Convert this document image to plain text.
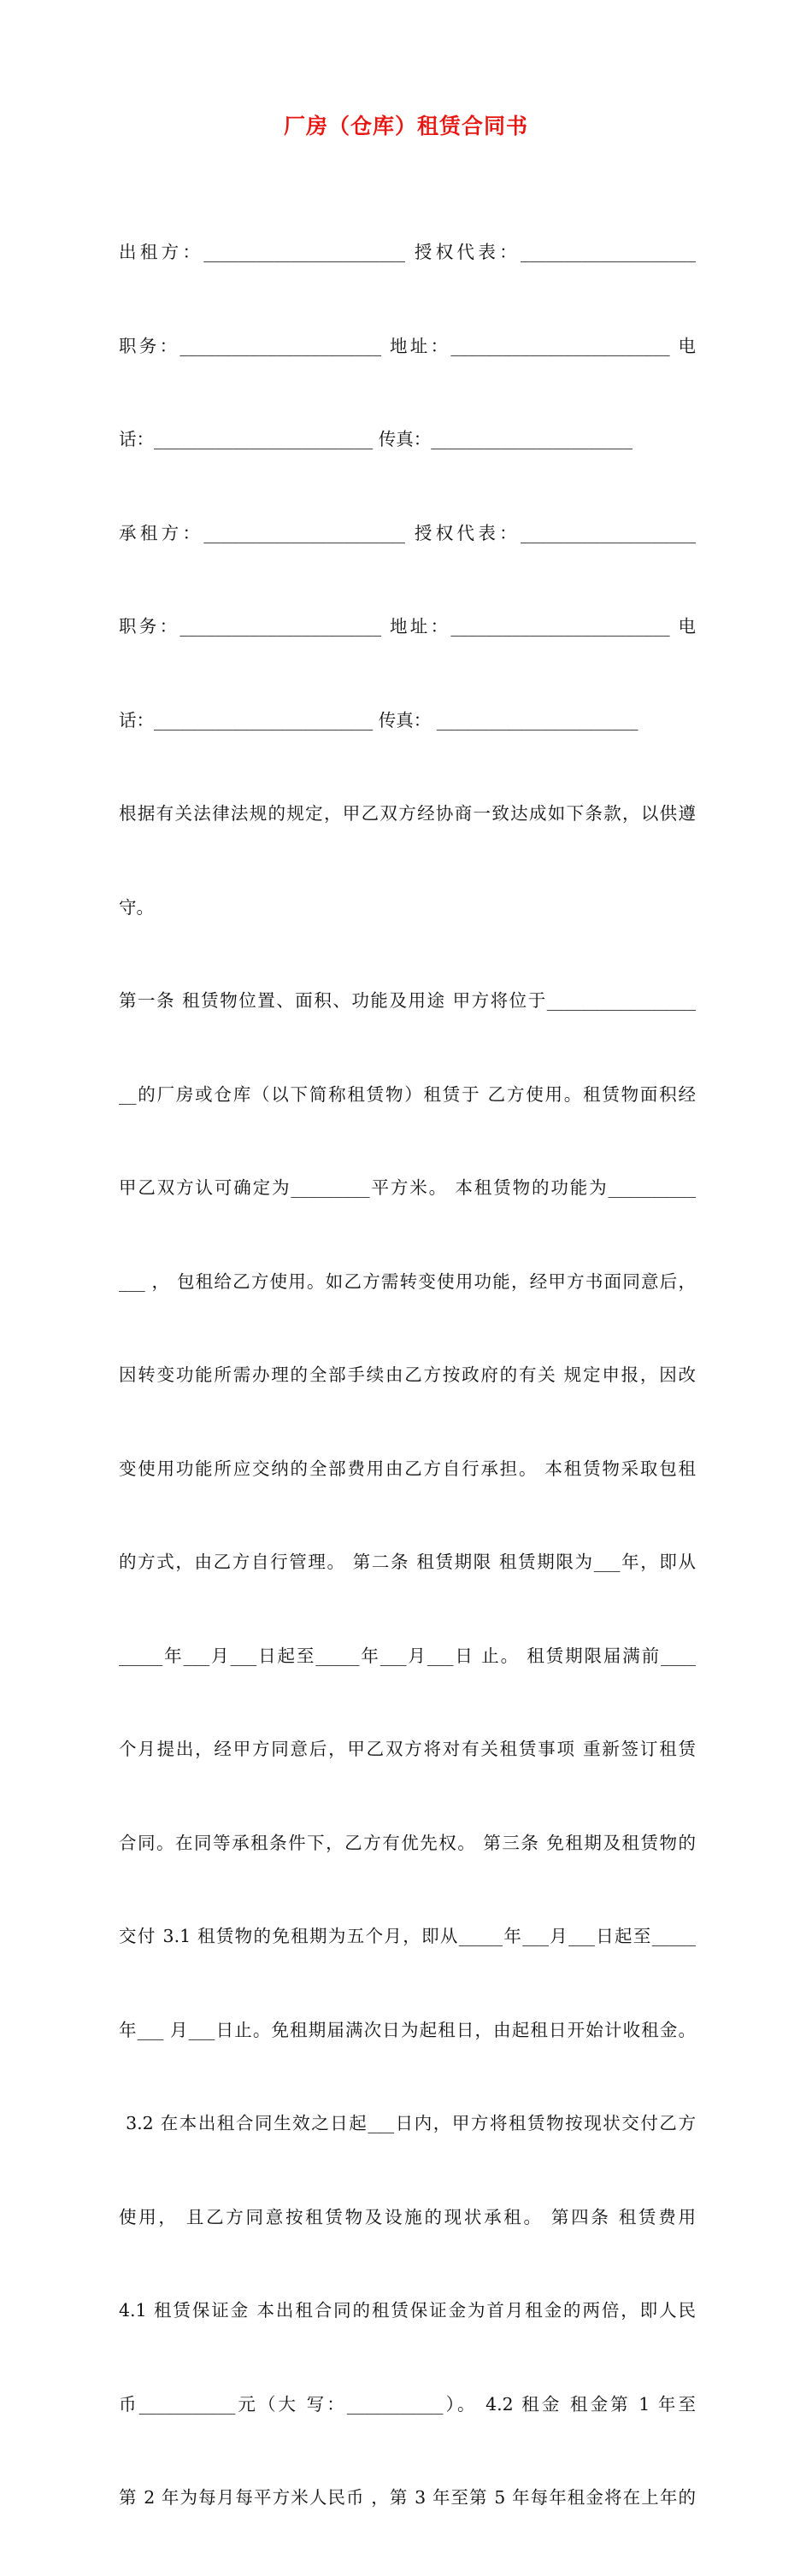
厂房（仓库）租赁合同书

出租方：_______________________ 授权代表：____________________

职务：_______________________ 地址：_________________________ 电

话：_________________________ 传真：_______________________

承租方：_______________________ 授权代表：____________________

职务：_______________________ 地址：_________________________ 电

话：_________________________ 传真： _______________________

根据有关法律法规的规定，甲乙双方经协商一致达成如下条款，以供遵

守。

第一条 租赁物位置、面积、功能及用途 甲方将位于_________________

__的厂房或仓库（以下简称租赁物）租赁于 乙方使用。租赁物面积经

甲乙双方认可确定为_________平方米。 本租赁物的功能为__________

___ ， 包租给乙方使用。如乙方需转变使用功能，经甲方书面同意后，

因转变功能所需办理的全部手续由乙方按政府的有关 规定申报，因改

变使用功能所应交纳的全部费用由乙方自行承担。 本租赁物采取包租

的方式，由乙方自行管理。 第二条 租赁期限 租赁期限为___年，即从

_____年___月___日起至_____年___月___日 止。 租赁期限届满前____

个月提出，经甲方同意后，甲乙双方将对有关租赁事项 重新签订租赁

合同。在同等承租条件下，乙方有优先权。 第三条 免租期及租赁物的

交付 3.1 租赁物的免租期为五个月，即从_____年___月___日起至_____

年___ 月___日止。免租期届满次日为起租日，由起租日开始计收租金。

3.2 在本出租合同生效之日起___日内，甲方将租赁物按现状交付乙方

使用， 且乙方同意按租赁物及设施的现状承租。 第四条 租赁费用

4.1 租赁保证金 本出租合同的租赁保证金为首月租金的两倍，即人民

币___________元（大 写：___________）。 4.2 租金 租金第 1 年至

第 2 年为每月每平方米人民币 ，第 3 年至第 5 年每年租金将在上年的
